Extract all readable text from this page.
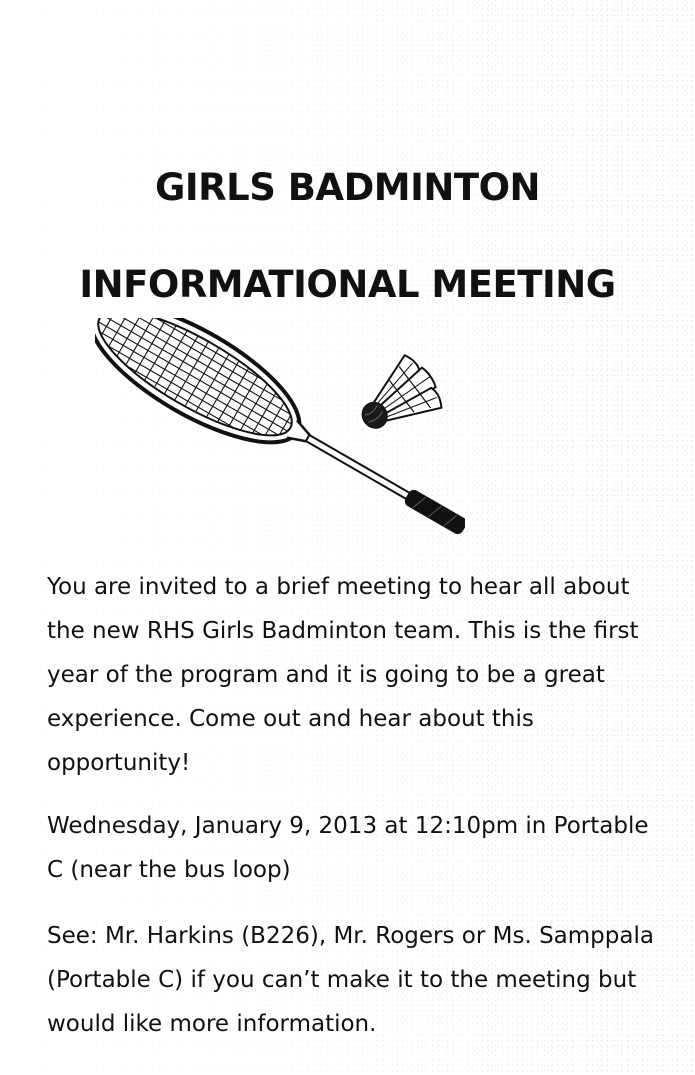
GIRLS BADMINTON
INFORMATIONAL MEETING

You are invited to a brief meeting to hear all about the new RHS Girls Badminton team. This is the first year of the program and it is going to be a great experience. Come out and hear about this opportunity!

Wednesday, January 9, 2013 at 12:10pm in Portable C (near the bus loop)

See: Mr. Harkins (B226), Mr. Rogers or Ms. Samppala (Portable C) if you can’t make it to the meeting but would like more information.
